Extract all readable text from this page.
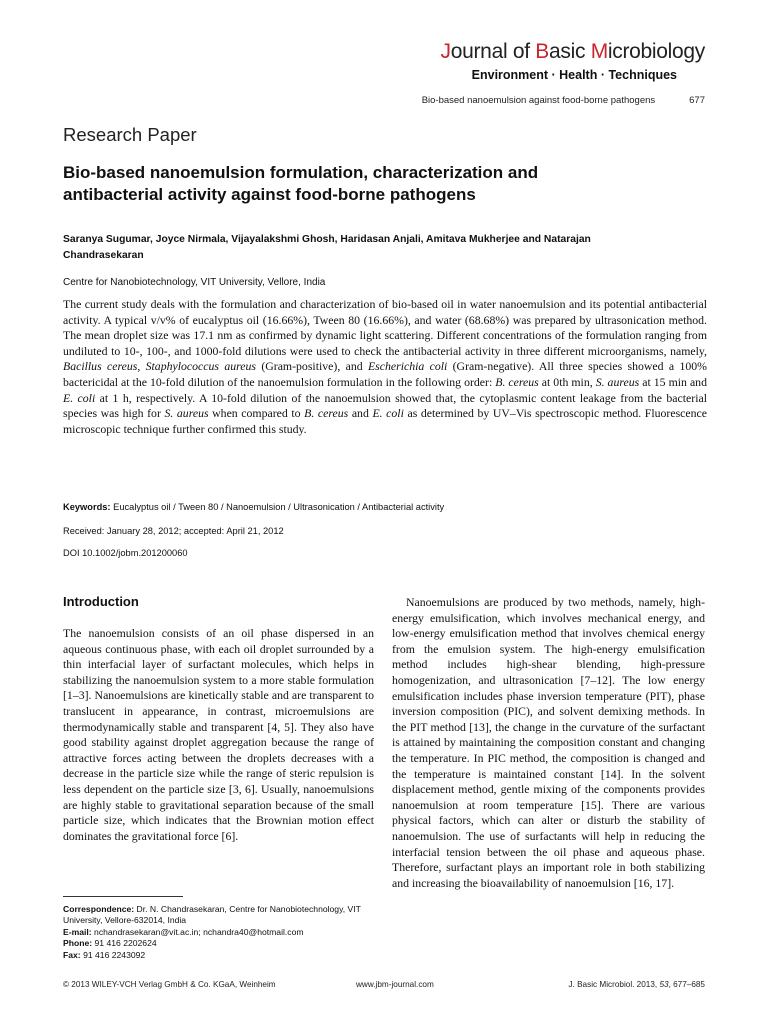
Journal of Basic Microbiology
Environment · Health · Techniques
Bio-based nanoemulsion against food-borne pathogens	677
Research Paper
Bio-based nanoemulsion formulation, characterization and antibacterial activity against food-borne pathogens
Saranya Sugumar, Joyce Nirmala, Vijayalakshmi Ghosh, Haridasan Anjali, Amitava Mukherjee and Natarajan Chandrasekaran
Centre for Nanobiotechnology, VIT University, Vellore, India

The current study deals with the formulation and characterization of bio-based oil in water nanoemulsion and its potential antibacterial activity. A typical v/v% of eucalyptus oil (16.66%), Tween 80 (16.66%), and water (68.68%) was prepared by ultrasonication method. The mean droplet size was 17.1 nm as confirmed by dynamic light scattering. Different concentrations of the formulation ranging from undiluted to 10-, 100-, and 1000-fold dilutions were used to check the antibacterial activity in three different microorganisms, namely, Bacillus cereus, Staphylococcus aureus (Gram-positive), and Escherichia coli (Gram-negative). All three species showed a 100% bactericidal at the 10-fold dilution of the nanoemulsion formulation in the following order: B. cereus at 0th min, S. aureus at 15 min and E. coli at 1 h, respectively. A 10-fold dilution of the nanoemulsion showed that, the cytoplasmic content leakage from the bacterial species was high for S. aureus when compared to B. cereus and E. coli as determined by UV–Vis spectroscopic method. Fluorescence microscopic technique further confirmed this study.

Keywords: Eucalyptus oil / Tween 80 / Nanoemulsion / Ultrasonication / Antibacterial activity
Received: January 28, 2012; accepted: April 21, 2012
DOI 10.1002/jobm.201200060
Introduction

The nanoemulsion consists of an oil phase dispersed in an aqueous continuous phase, with each oil droplet surrounded by a thin interfacial layer of surfactant molecules, which helps in stabilizing the nanoemulsion system to a more stable formulation [1–3]. Nanoemulsions are kinetically stable and are transparent to translucent in appearance, in contrast, microemulsions are thermodynamically stable and transparent [4, 5]. They also have good stability against droplet aggregation because the range of attractive forces acting between the droplets decreases with a decrease in the particle size while the range of steric repulsion is less dependent on the particle size [3, 6]. Usually, nanoemulsions are highly stable to gravitational separation because of the small particle size, which indicates that the Brownian motion effect dominates the gravitational force [6].

Nanoemulsions are produced by two methods, namely, high-energy emulsification, which involves mechanical energy, and low-energy emulsification method that involves chemical energy from the emulsion system. The high-energy emulsification method includes high-shear blending, high-pressure homogenization, and ultrasonication [7–12]. The low energy emulsification includes phase inversion temperature (PIT), phase inversion composition (PIC), and solvent demixing methods. In the PIT method [13], the change in the curvature of the surfactant is attained by maintaining the composition constant and changing the temperature. In PIC method, the composition is changed and the temperature is maintained constant [14]. In the solvent displacement method, gentle mixing of the components provides nanoemulsion at room temperature [15]. There are various physical factors, which can alter or disturb the stability of nanoemulsion. The use of surfactants will help in reducing the interfacial tension between the oil phase and aqueous phase. Therefore, surfactant plays an important role in both stabilizing and increasing the bioavailability of nanoemulsion [16, 17].

Correspondence: Dr. N. Chandrasekaran, Centre for Nanobiotechnology, VIT University, Vellore-632014, India
E-mail: nchandrasekaran@vit.ac.in; nchandra40@hotmail.com
Phone: 91 416 2202624
Fax: 91 416 2243092
© 2013 WILEY-VCH Verlag GmbH & Co. KGaA, Weinheim	www.jbm-journal.com	J. Basic Microbiol. 2013, 53, 677–685
